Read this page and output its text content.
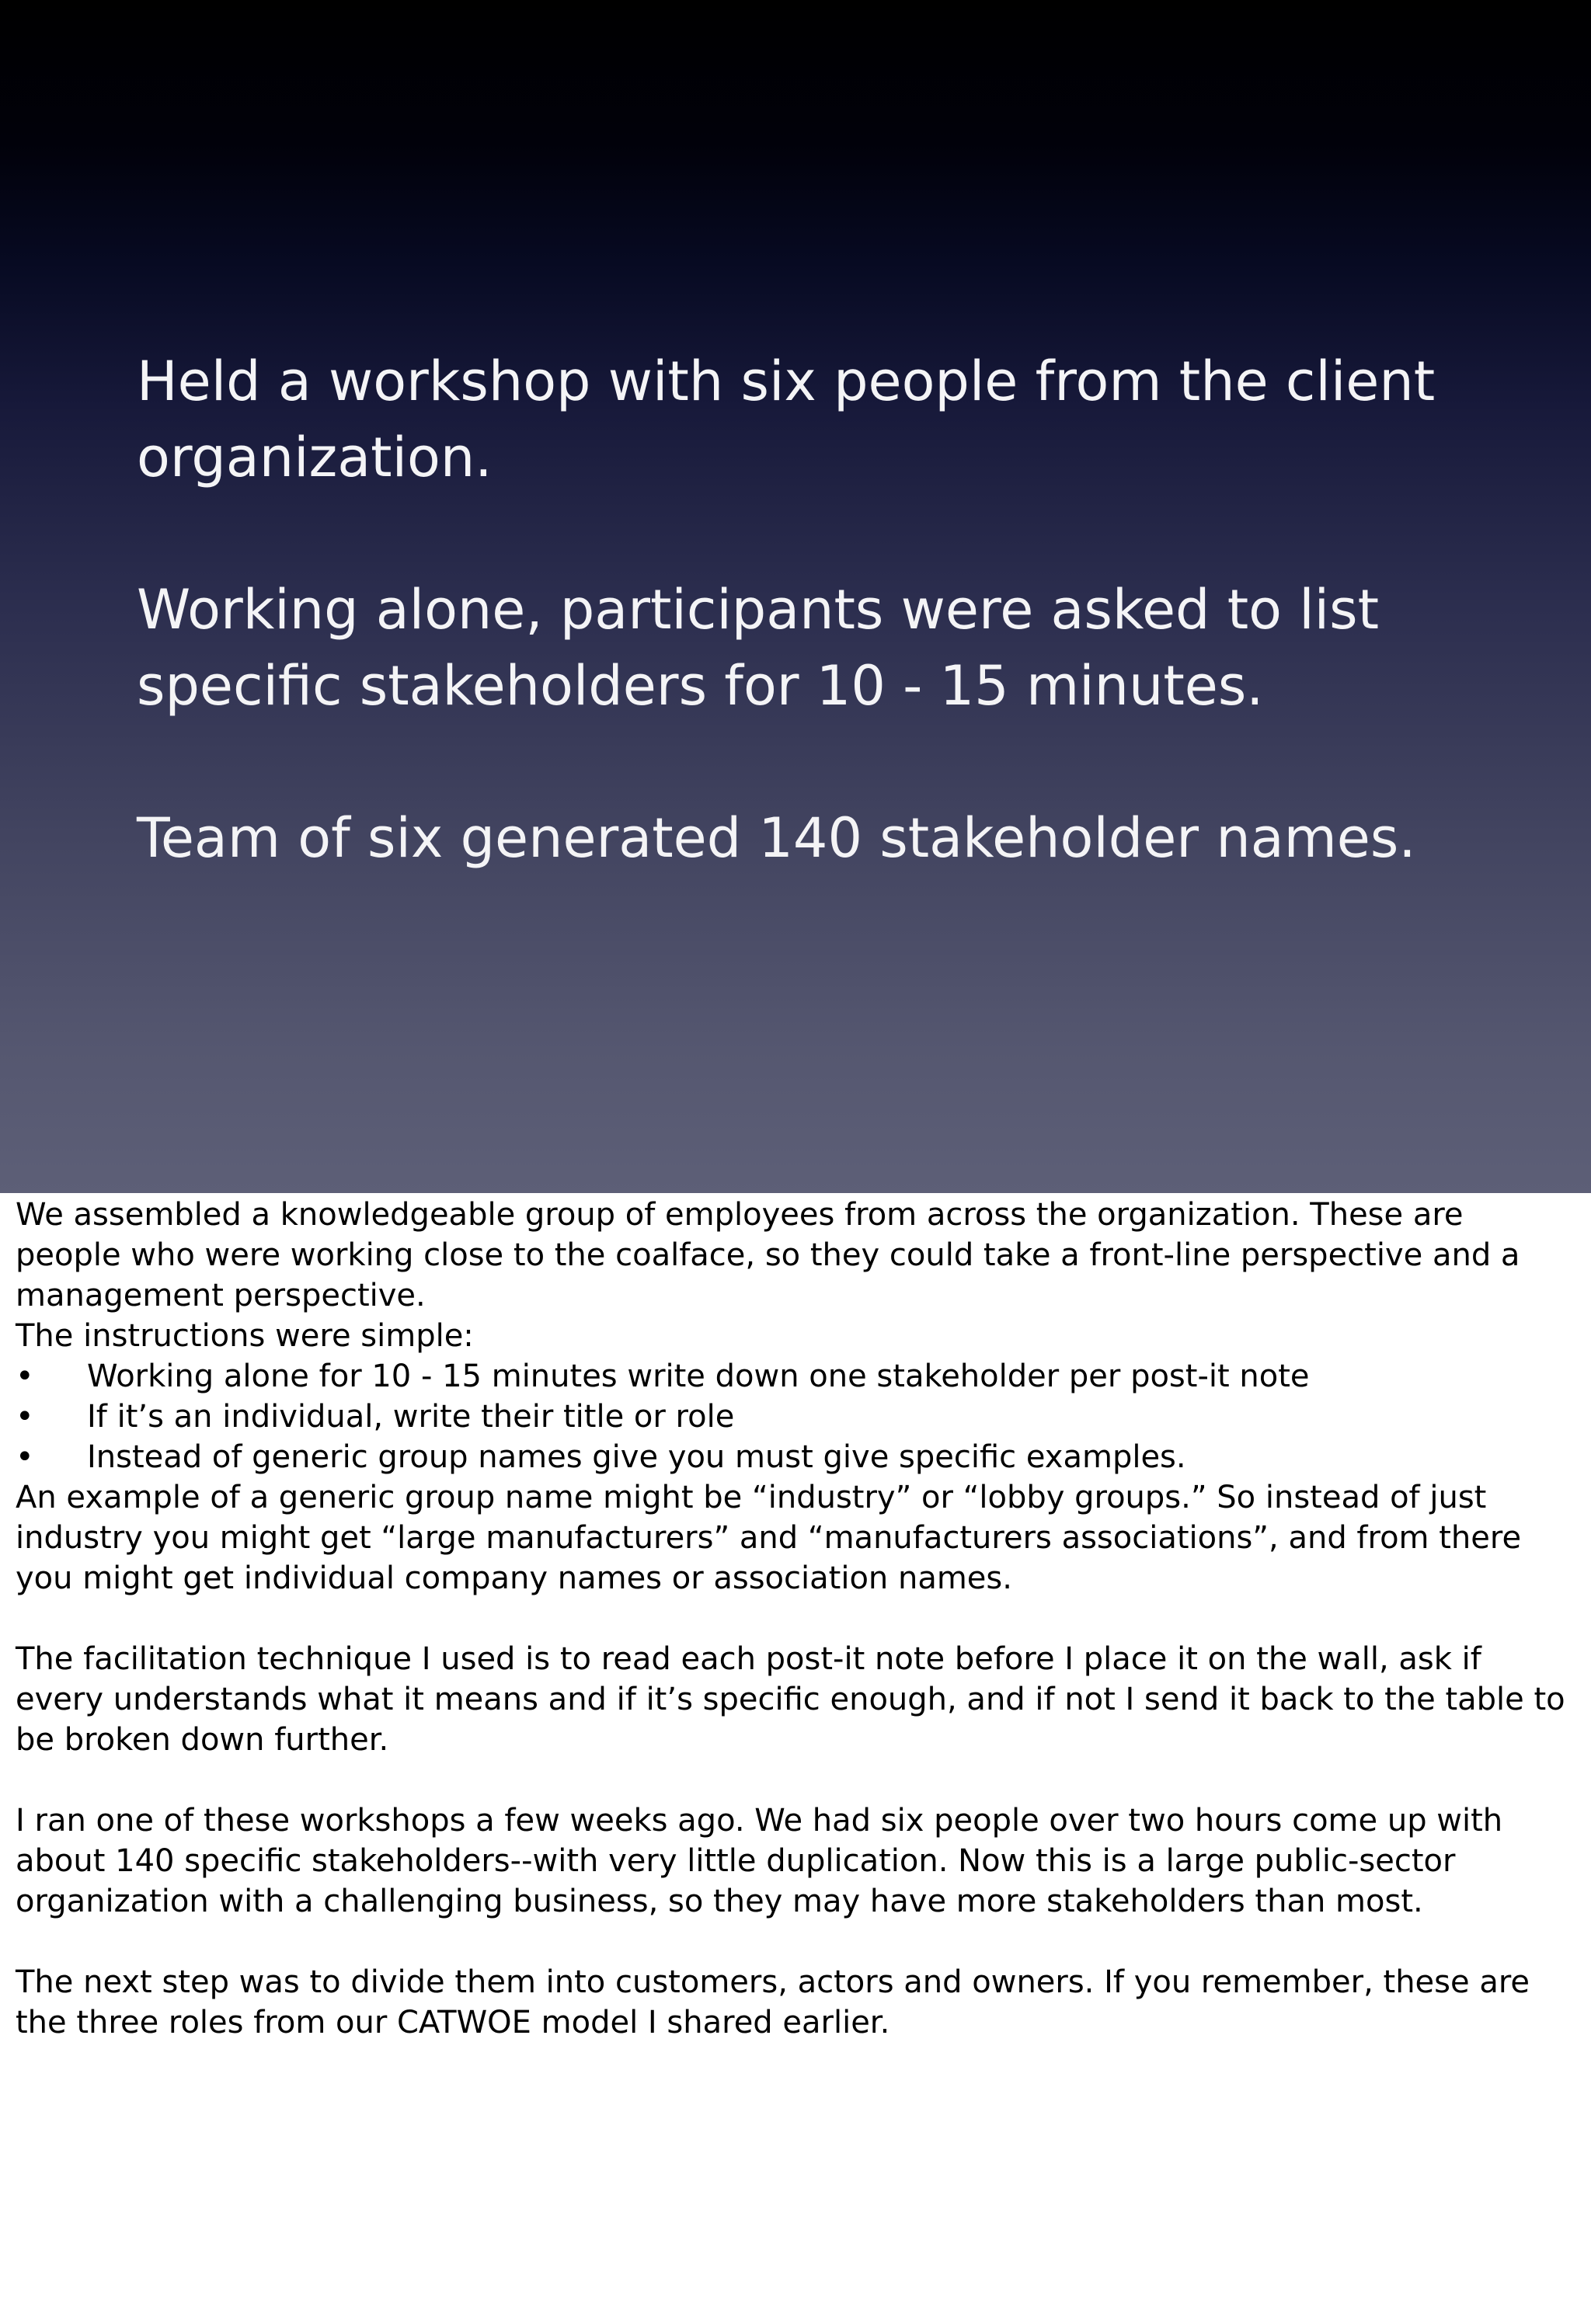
Held a workshop with six people from the client organization.

Working alone, participants were asked to list specific stakeholders for 10 - 15 minutes.

Team of six generated 140 stakeholder names.

We assembled a knowledgeable group of employees from across the organization. These are people who were working close to the coalface, so they could take a front-line perspective and a management perspective.

The instructions were simple:

• Working alone for 10 - 15 minutes write down one stakeholder per post-it note
• If it’s an individual, write their title or role
• Instead of generic group names give you must give specific examples.

An example of a generic group name might be “industry” or “lobby groups.” So instead of just industry you might get “large manufacturers” and “manufacturers associations”, and from there you might get individual company names or association names.

The facilitation technique I used is to read each post-it note before I place it on the wall, ask if every understands what it means and if it’s specific enough, and if not I send it back to the table to be broken down further.

I ran one of these workshops a few weeks ago. We had six people over two hours come up with about 140 specific stakeholders--with very little duplication. Now this is a large public-sector organization with a challenging business, so they may have more stakeholders than most.

The next step was to divide them into customers, actors and owners. If you remember, these are the three roles from our CATWOE model I shared earlier.
